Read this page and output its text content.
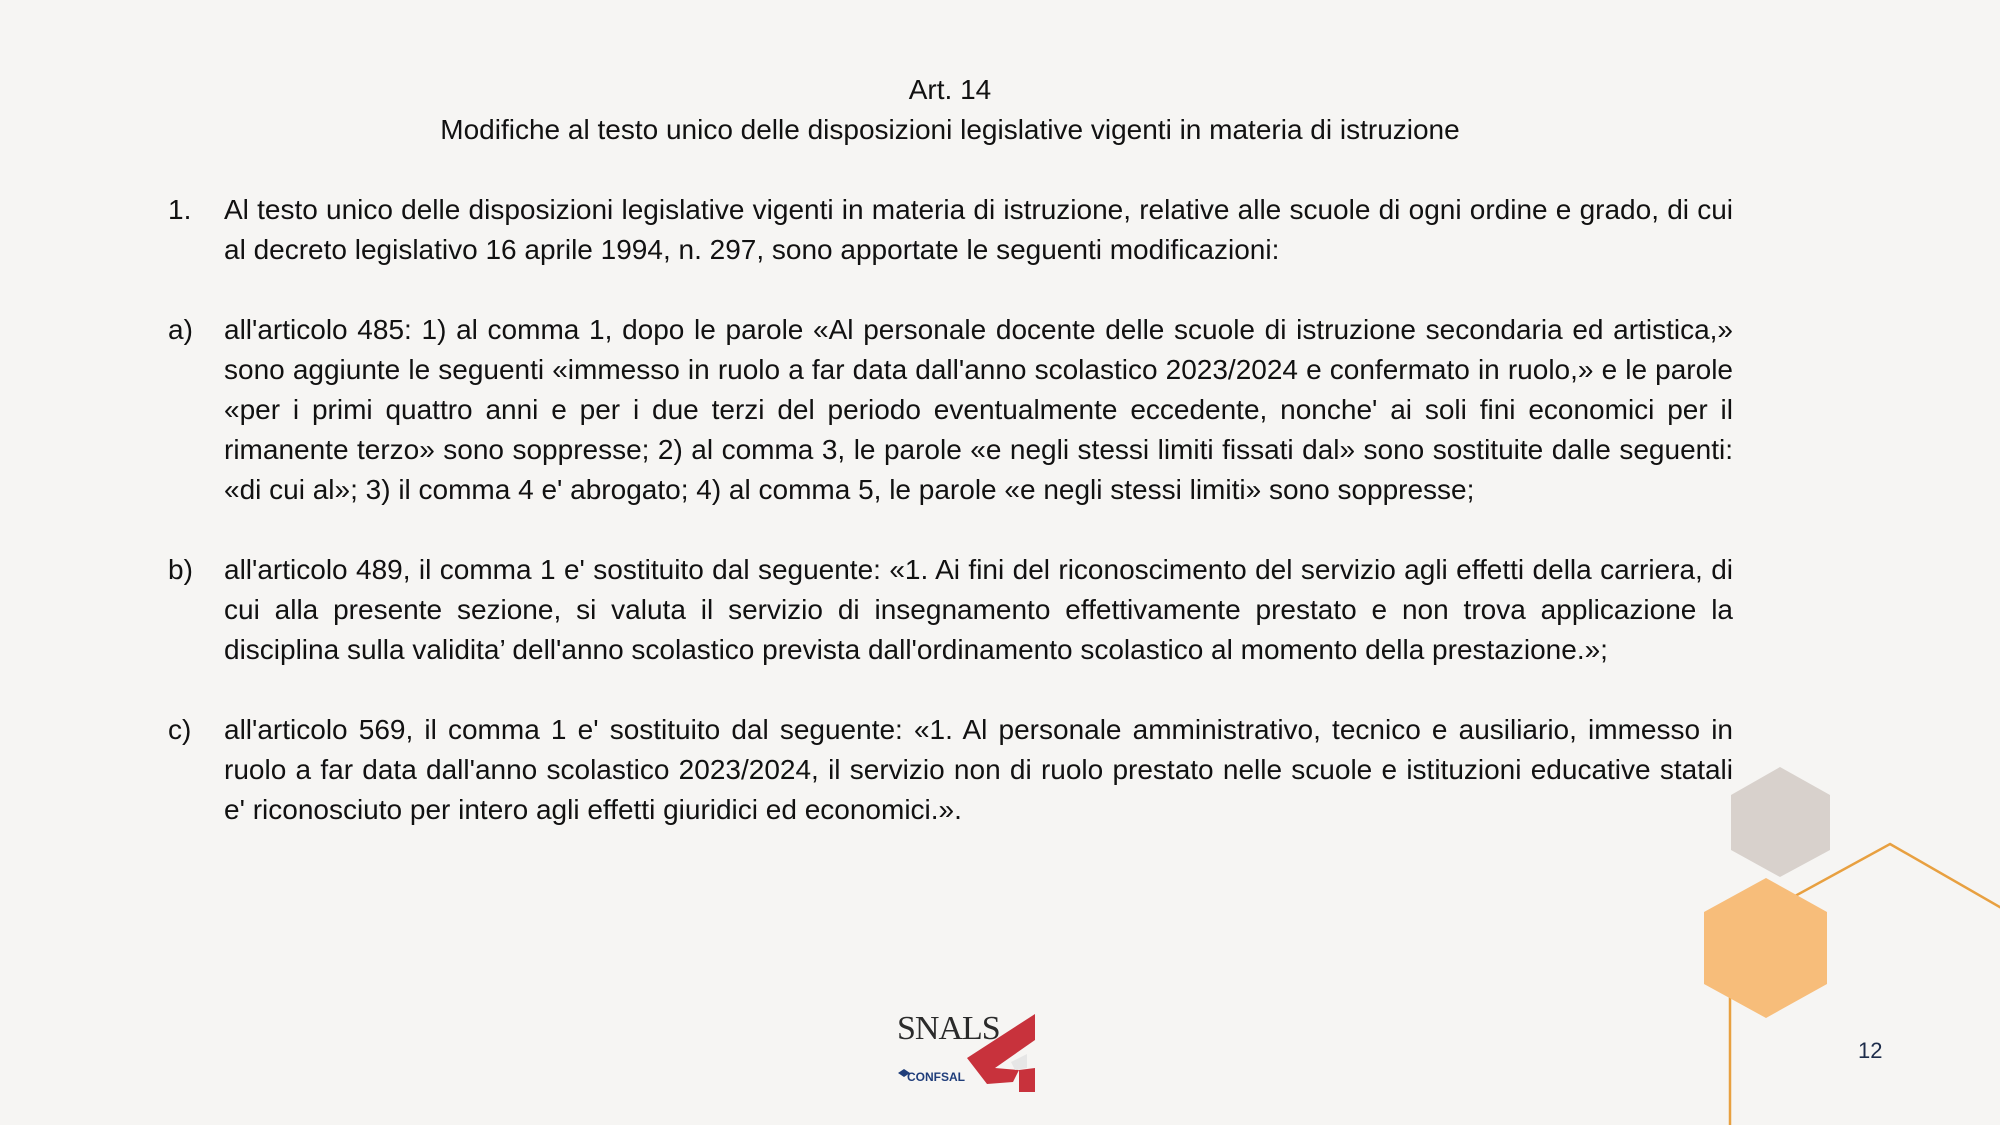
Art. 14
Modifiche al testo unico delle disposizioni legislative vigenti in materia di istruzione
1.	Al testo unico delle disposizioni legislative vigenti in materia di istruzione, relative alle scuole di ogni ordine e grado, di cui al decreto legislativo 16 aprile 1994, n. 297, sono apportate le seguenti modificazioni:
a)	all'articolo 485: 1) al comma 1, dopo le parole «Al personale docente delle scuole di istruzione secondaria ed artistica,» sono aggiunte le seguenti «immesso in ruolo a far data dall'anno scolastico 2023/2024 e confermato in ruolo,» e le parole «per i primi quattro anni e per i due terzi del periodo eventualmente eccedente, nonche' ai soli fini economici per il rimanente terzo» sono soppresse; 2) al comma 3, le parole «e negli stessi limiti fissati dal» sono sostituite dalle seguenti: «di cui al»; 3) il comma 4 e' abrogato; 4) al comma 5, le parole «e negli stessi limiti» sono soppresse;
b)	all'articolo 489, il comma 1 e' sostituito dal seguente: «1. Ai fini del riconoscimento del servizio agli effetti della carriera, di cui alla presente sezione, si valuta il servizio di insegnamento effettivamente prestato e non trova applicazione la disciplina sulla validita’ dell'anno scolastico prevista dall'ordinamento scolastico al momento della prestazione.»;
c)	all'articolo 569, il comma 1 e' sostituito dal seguente: «1. Al personale amministrativo, tecnico e ausiliario, immesso in ruolo a far data dall'anno scolastico 2023/2024, il servizio non di ruolo prestato nelle scuole e istituzioni educative statali e' riconosciuto per intero agli effetti giuridici ed economici.».
SNALS
CONFSAL
12
